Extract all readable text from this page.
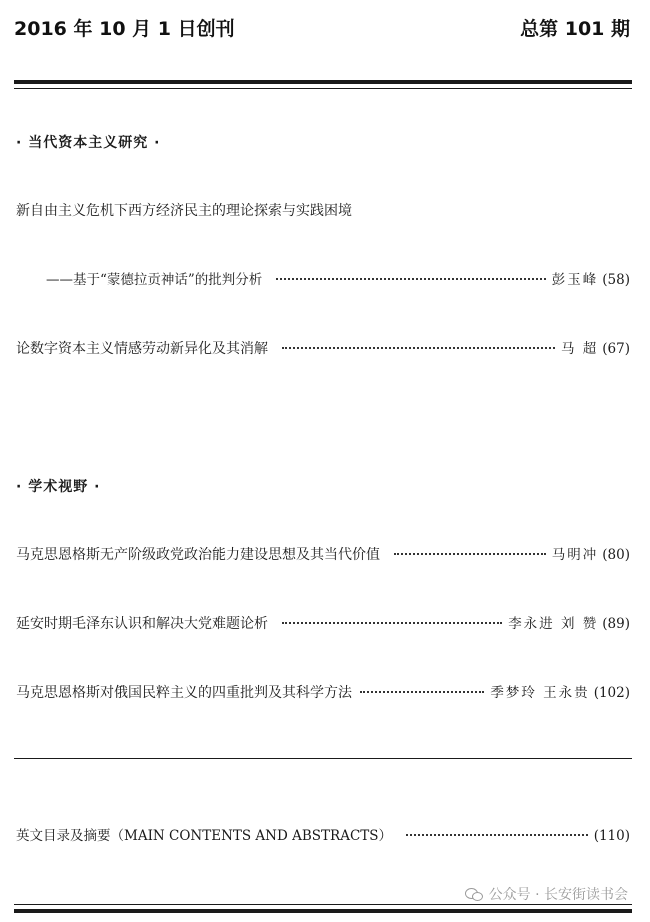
2016 年 10 月 1 日创刊	总第 101 期
· 当代资本主义研究 ·
新自由主义危机下西方经济民主的理论探索与实践困境
——基于“蒙德拉贡神话”的批判分析	彭玉峰 (58)
论数字资本主义情感劳动新异化及其消解	马 超 (67)
· 学术视野 ·
马克思恩格斯无产阶级政党政治能力建设思想及其当代价值	马明冲 (80)
延安时期毛泽东认识和解决大党难题论析	李永进 刘 赞 (89)
马克思恩格斯对俄国民粹主义的四重批判及其科学方法	季梦玲 王永贵 (102)
英文目录及摘要（MAIN CONTENTS AND ABSTRACTS）	(110)
公众号 · 长安街读书会
